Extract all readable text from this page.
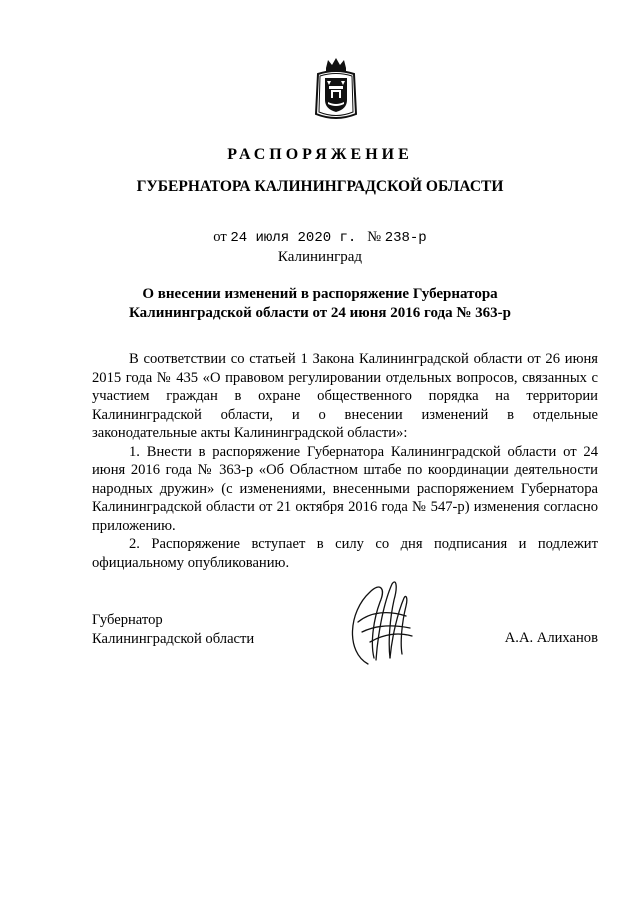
РАСПОРЯЖЕНИЕ
ГУБЕРНАТОРА КАЛИНИНГРАДСКОЙ ОБЛАСТИ
от 24 июля 2020 г. № 238-р
Калининград
О внесении изменений в распоряжение Губернатора
Калининградской области от 24 июня 2016 года № 363-р

В соответствии со статьей 1 Закона Калининградской области от 26 июня 2015 года № 435 «О правовом регулировании отдельных вопросов, связанных с участием граждан в охране общественного порядка на территории Калининградской области, и о внесении изменений в отдельные законодательные акты Калининградской области»:

1. Внести в распоряжение Губернатора Калининградской области от 24 июня 2016 года № 363-р «Об Областном штабе по координации деятельности народных дружин» (с изменениями, внесенными распоряжением Губернатора Калининградской области от 21 октября 2016 года № 547-р) изменения согласно приложению.

2. Распоряжение вступает в силу со дня подписания и подлежит официальному опубликованию.

Губернатор
Калининградской области	А.А. Алиханов
